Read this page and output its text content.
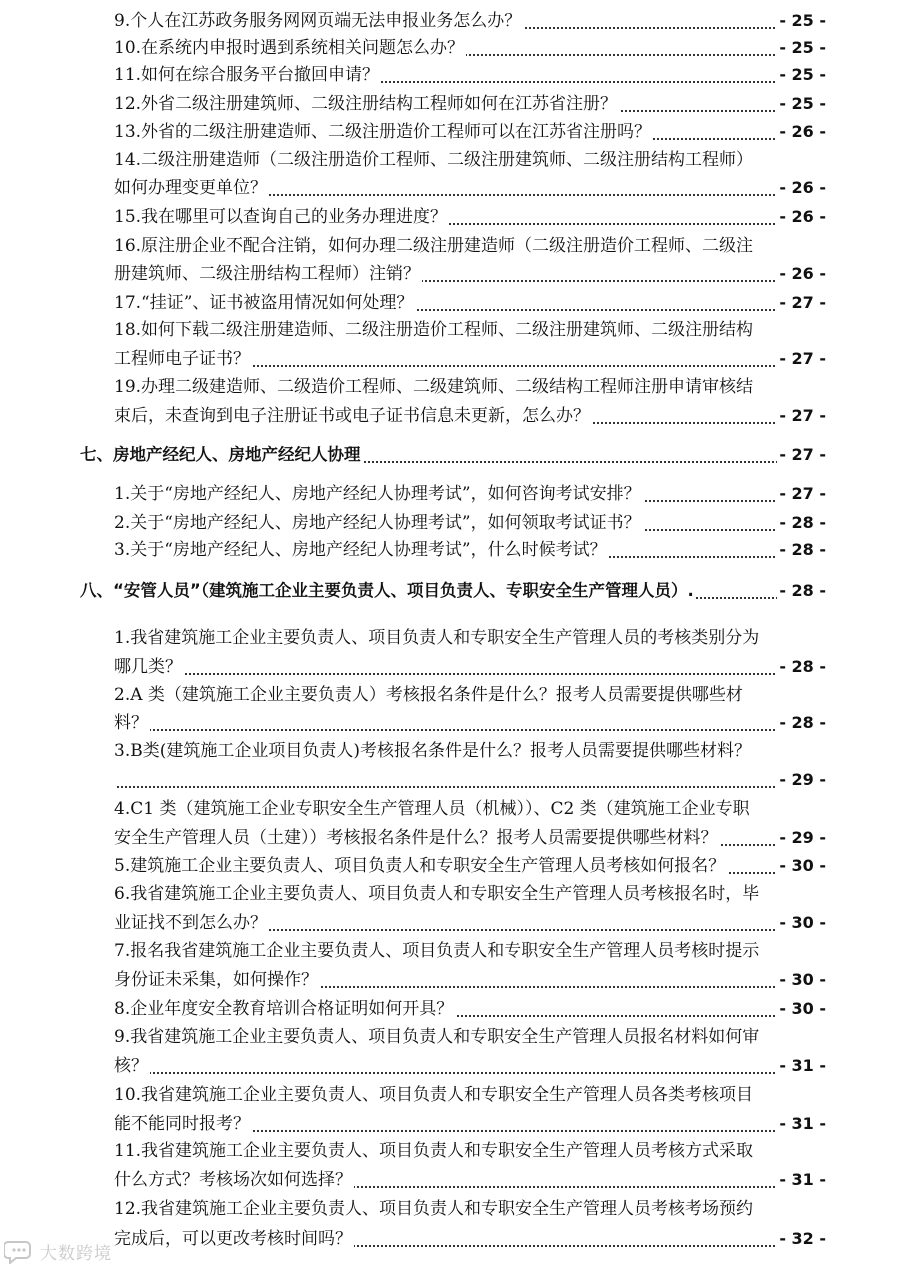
9.个人在江苏政务服务网网页端无法申报业务怎么办？	- 25 -
10.在系统内申报时遇到系统相关问题怎么办？	- 25 -
11.如何在综合服务平台撤回申请？	- 25 -
12.外省二级注册建筑师、二级注册结构工程师如何在江苏省注册？	- 25 -
13.外省的二级注册建造师、二级注册造价工程师可以在江苏省注册吗？	- 26 -
14.二级注册建造师（二级注册造价工程师、二级注册建筑师、二级注册结构工程师）
如何办理变更单位？	- 26 -
15.我在哪里可以查询自己的业务办理进度？	- 26 -
16.原注册企业不配合注销，如何办理二级注册建造师（二级注册造价工程师、二级注
册建筑师、二级注册结构工程师）注销？	- 26 -
17.“挂证”、证书被盗用情况如何处理？	- 27 -
18.如何下载二级注册建造师、二级注册造价工程师、二级注册建筑师、二级注册结构
工程师电子证书？	- 27 -
19.办理二级建造师、二级造价工程师、二级建筑师、二级结构工程师注册申请审核结
束后，未查询到电子注册证书或电子证书信息未更新，怎么办？	- 27 -
七、房地产经纪人、房地产经纪人协理	- 27 -
1.关于“房地产经纪人、房地产经纪人协理考试”，如何咨询考试安排？	- 27 -
2.关于“房地产经纪人、房地产经纪人协理考试”，如何领取考试证书？	- 28 -
3.关于“房地产经纪人、房地产经纪人协理考试”，什么时候考试？	- 28 -
八、“安管人员”（建筑施工企业主要负责人、项目负责人、专职安全生产管理人员）.	- 28 -
1.我省建筑施工企业主要负责人、项目负责人和专职安全生产管理人员的考核类别分为
哪几类？	- 28 -
2.A 类（建筑施工企业主要负责人）考核报名条件是什么？报考人员需要提供哪些材
料？	- 28 -
3.B类(建筑施工企业项目负责人)考核报名条件是什么？报考人员需要提供哪些材料？
- 29 -
4.C1 类（建筑施工企业专职安全生产管理人员（机械））、C2 类（建筑施工企业专职
安全生产管理人员（土建））考核报名条件是什么？报考人员需要提供哪些材料？	- 29 -
5.建筑施工企业主要负责人、项目负责人和专职安全生产管理人员考核如何报名？	- 30 -
6.我省建筑施工企业主要负责人、项目负责人和专职安全生产管理人员考核报名时，毕
业证找不到怎么办？	- 30 -
7.报名我省建筑施工企业主要负责人、项目负责人和专职安全生产管理人员考核时提示
身份证未采集，如何操作？	- 30 -
8.企业年度安全教育培训合格证明如何开具？	- 30 -
9.我省建筑施工企业主要负责人、项目负责人和专职安全生产管理人员报名材料如何审
核？	- 31 -
10.我省建筑施工企业主要负责人、项目负责人和专职安全生产管理人员各类考核项目
能不能同时报考？	- 31 -
11.我省建筑施工企业主要负责人、项目负责人和专职安全生产管理人员考核方式采取
什么方式？考核场次如何选择？	- 31 -
12.我省建筑施工企业主要负责人、项目负责人和专职安全生产管理人员考核考场预约
完成后，可以更改考核时间吗？	- 32 -
大数跨境
